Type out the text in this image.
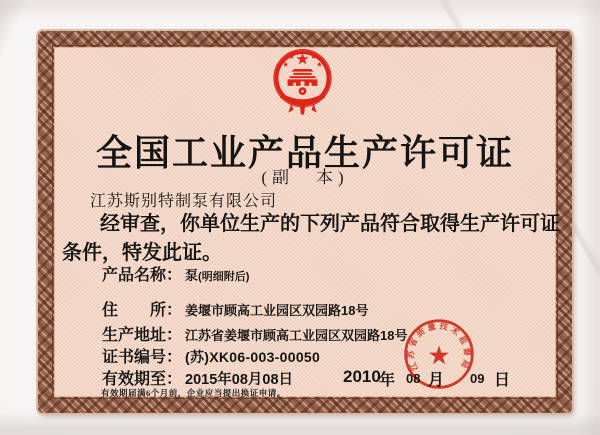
全国工业产品生产许可证
(副　本)
江苏斯别特制泵有限公司
经审查，你单位生产的下列产品符合取得生产许可证
条件，特发此证。
产品名称： 泵(明细附后)
住　　所： 姜堰市顾高工业园区双园路18号
生产地址： 江苏省姜堰市顾高工业园区双园路18号
证书编号： (苏)XK06-003-00050
有效期至： 2015年08月08日
有效期届满6个月前，企业应当提出换证申请。
2010
年 08 月 09 日
江苏省质量技术监督局
